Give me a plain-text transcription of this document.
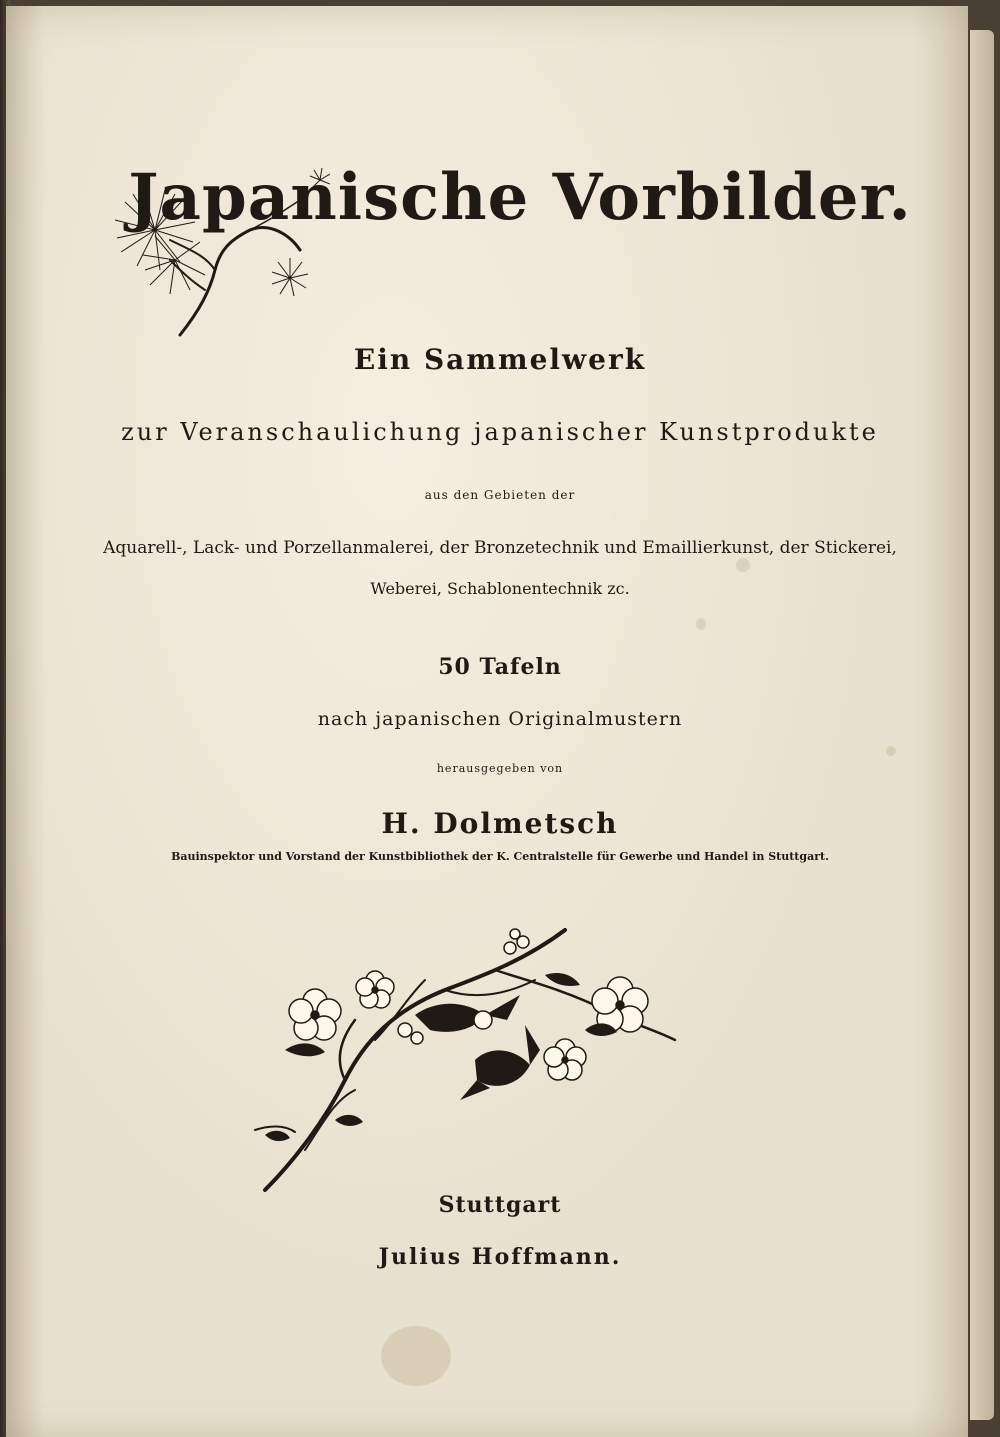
Japanische Vorbilder.
Ein Sammelwerk
zur Veranschaulichung japanischer Kunstprodukte
aus den Gebieten der
Aquarell-, Lack- und Porzellanmalerei, der Bronzetechnik und Emaillierkunst, der Stickerei,
Weberei, Schablonentechnik ᴢc.
50 Tafeln
nach japanischen Originalmustern
herausgegeben von
H. Dolmetsch
Bauinspektor und Vorstand der Kunstbibliothek der K. Centralstelle für Gewerbe und Handel in Stuttgart.
Stuttgart
Julius Hoffmann.
